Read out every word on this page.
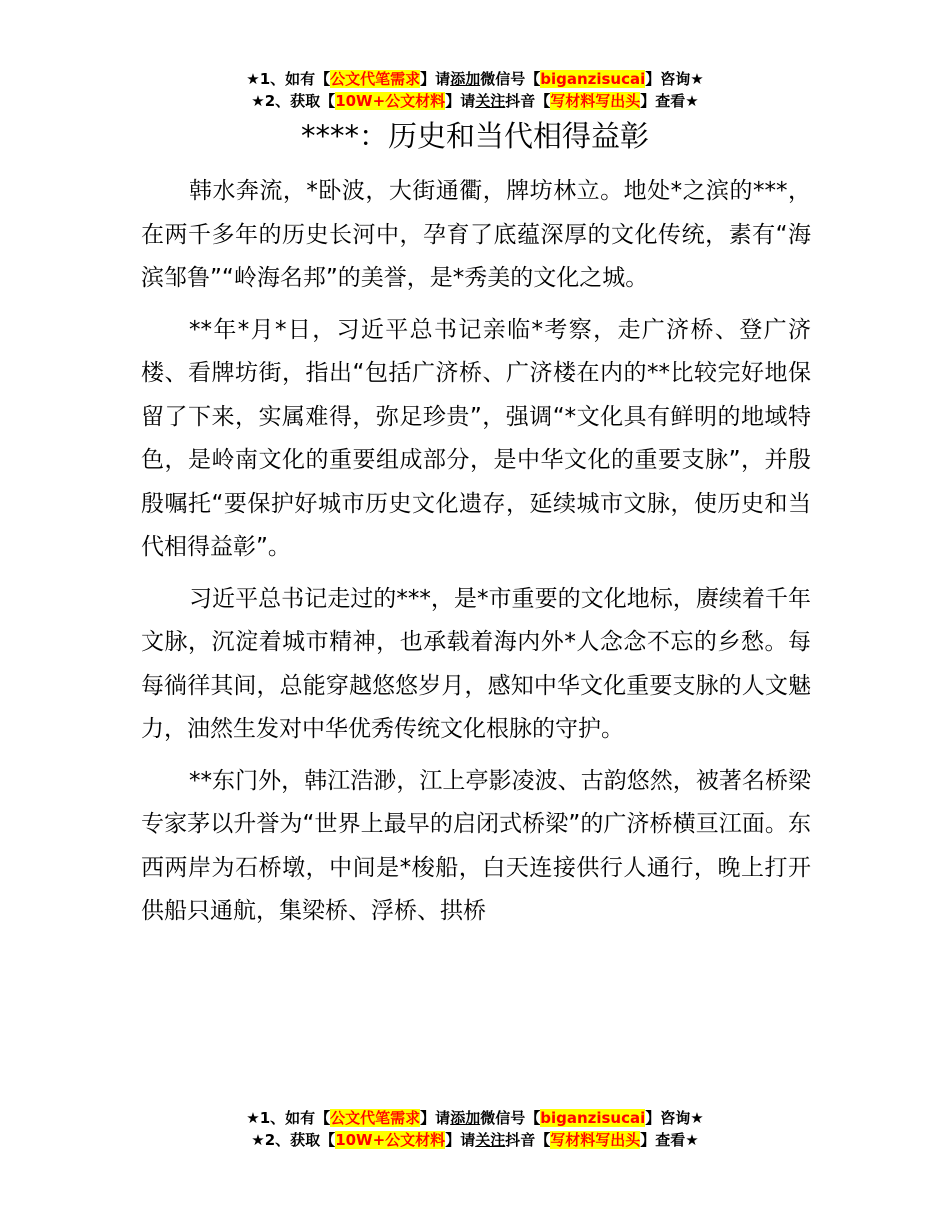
★1、如有【公文代笔需求】请添加微信号【biganzisucai】咨询★
★2、获取【10W+公文材料】请关注抖音【写材料写出头】查看★
****：历史和当代相得益彰

韩水奔流，*卧波，大街通衢，牌坊林立。地处*之滨的***，在两千多年的历史长河中，孕育了底蕴深厚的文化传统，素有“海滨邹鲁”“岭海名邦”的美誉，是*秀美的文化之城。

**年*月*日，习近平总书记亲临*考察，走广济桥、登广济楼、看牌坊街，指出“包括广济桥、广济楼在内的**比较完好地保留了下来，实属难得，弥足珍贵”，强调“*文化具有鲜明的地域特色，是岭南文化的重要组成部分，是中华文化的重要支脉”，并殷殷嘱托“要保护好城市历史文化遗存，延续城市文脉，使历史和当代相得益彰”。

习近平总书记走过的***，是*市重要的文化地标，赓续着千年文脉，沉淀着城市精神，也承载着海内外*人念念不忘的乡愁。每每徜徉其间，总能穿越悠悠岁月，感知中华文化重要支脉的人文魅力，油然生发对中华优秀传统文化根脉的守护。

**东门外，韩江浩渺，江上亭影凌波、古韵悠然，被著名桥梁专家茅以升誉为“世界上最早的启闭式桥梁”的广济桥横亘江面。东西两岸为石桥墩，中间是*梭船，白天连接供行人通行，晚上打开供船只通航，集梁桥、浮桥、拱桥

★1、如有【公文代笔需求】请添加微信号【biganzisucai】咨询★
★2、获取【10W+公文材料】请关注抖音【写材料写出头】查看★
